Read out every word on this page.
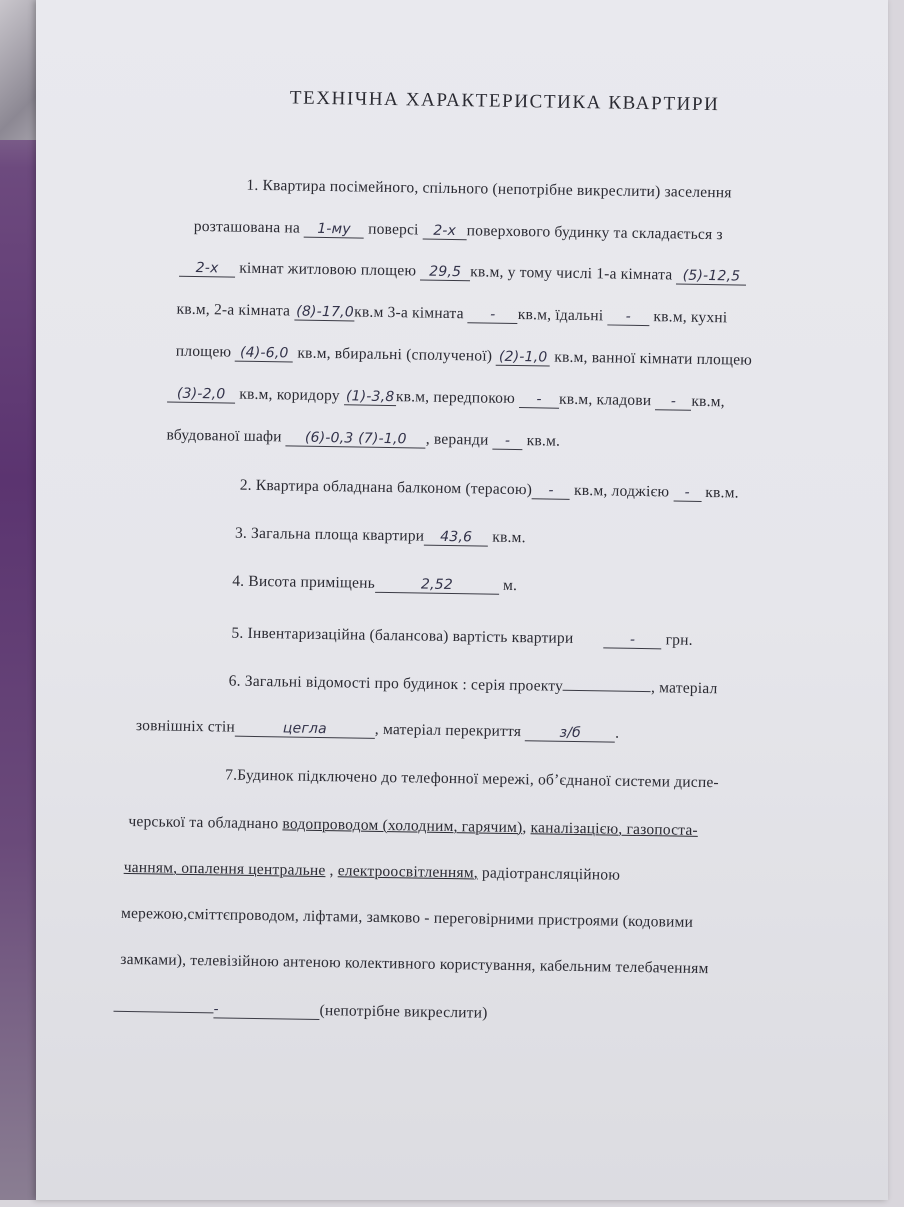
ТЕХНІЧНА ХАРАКТЕРИСТИКА КВАРТИРИ
1. Квартира посімейного, спільного (непотрібне викреслити) заселення
розташована на 1-му поверсі 2-х поверхового будинку та складається з
2-х кімнат житловою площею 29,5 кв.м, у тому числі 1-а кімната (5)-12,5
кв.м, 2-а кімната (8)-17,0кв.м 3-а кімната - кв.м, їдальні - кв.м, кухні
площею (4)-6,0 кв.м, вбиральні (сполученої) (2)-1,0 кв.м, ванної кімнати площею
(3)-2,0 кв.м, коридору (1)-3,8кв.м, передпокою - кв.м, кладови - кв.м,
вбудованої шафи (6)-0,3 (7)-1,0 , веранди - кв.м.
2. Квартира обладнана балконом (терасою) - кв.м, лоджією - кв.м.
3. Загальна площа квартири 43,6 кв.м.
4. Висота приміщень	2,52	м.
5. Інвентаризаційна (балансова) вартість квартири	- грн.
6. Загальні відомості про будинок : серія проекту	, матеріал
зовнішніх стін	цегла	, матеріал перекриття	з/б .
7.Будинок підключено до телефонної мережі, об’єднаної системи диспе-
черської та обладнано водопроводом (холодним, гарячим), каналізацією, газопоста-
чанням, опалення центральне , електроосвітленням, радіотрансляційною
мережою,сміттєпроводом, ліфтами, замково - переговірними пристроями (кодовими
замками), телевізійною антеною колективного користування, кабельним телебаченням
-	(непотрібне викреслити)
